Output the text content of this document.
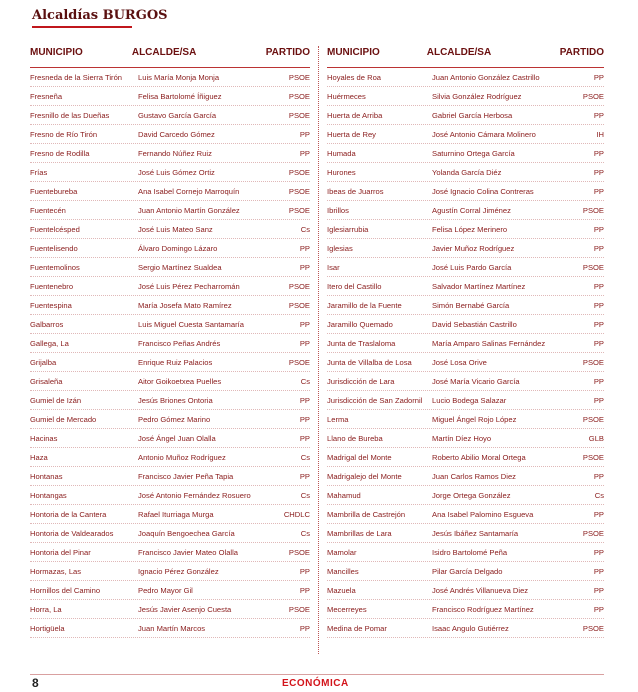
Alcaldías BURGOS
MUNICIPIO	ALCALDE/SA	PARTIDO
Fresneda de la Sierra Tirón	Luis María Monja Monja	PSOE
Fresneña	Felisa Bartolomé Íñiguez	PSOE
Fresnillo de las Dueñas	Gustavo García García	PSOE
Fresno de Río Tirón	David Carcedo Gómez	PP
Fresno de Rodilla	Fernando Núñez Ruiz	PP
Frías	José Luis Gómez Ortiz	PSOE
Fuentebureba	Ana Isabel Cornejo Marroquín	PSOE
Fuentecén	Juan Antonio Martín González	PSOE
Fuentelcésped	José Luis Mateo Sanz	Cs
Fuentelisendo	Álvaro Domingo Lázaro	PP
Fuentemolinos	Sergio Martínez Sualdea	PP
Fuentenebro	José Luis Pérez Pecharromán	PSOE
Fuentespina	María Josefa Mato Ramírez	PSOE
Galbarros	Luis Miguel Cuesta Santamaría	PP
Gallega, La	Francisco Peñas Andrés	PP
Grijalba	Enrique Ruiz Palacios	PSOE
Grisaleña	Aitor Goikoetxea Puelles	Cs
Gumiel de Izán	Jesús Briones Ontoria	PP
Gumiel de Mercado	Pedro Gómez Marino	PP
Hacinas	José Ángel Juan Olalla	PP
Haza	Antonio Muñoz Rodríguez	Cs
Hontanas	Francisco Javier Peña Tapia	PP
Hontangas	José Antonio Fernández Rosuero	Cs
Hontoria de la Cantera	Rafael Iturriaga Murga	CHDLC
Hontoria de Valdearados	Joaquín Bengoechea García	Cs
Hontoria del Pinar	Francisco Javier Mateo Olalla	PSOE
Hormazas, Las	Ignacio Pérez González	PP
Hornillos del Camino	Pedro Mayor Gil	PP
Horra, La	Jesús Javier Asenjo Cuesta	PSOE
Hortigüela	Juan Martín Marcos	PP
MUNICIPIO	ALCALDE/SA	PARTIDO
Hoyales de Roa	Juan Antonio González Castrillo	PP
Huérmeces	Silvia González Rodríguez	PSOE
Huerta de Arriba	Gabriel García Herbosa	PP
Huerta de Rey	José Antonio Cámara Molinero	IH
Humada	Saturnino Ortega García	PP
Hurones	Yolanda García Diéz	PP
Ibeas de Juarros	José Ignacio Colina Contreras	PP
Ibrillos	Agustín Corral Jiménez	PSOE
Iglesiarrubia	Felisa López Merinero	PP
Iglesias	Javier Muñoz Rodríguez	PP
Isar	José Luis Pardo García	PSOE
Itero del Castillo	Salvador Martínez Martínez	PP
Jaramillo de la Fuente	Simón Bernabé García	PP
Jaramillo Quemado	David Sebastián Castrillo	PP
Junta de Traslaloma	María Amparo Salinas Fernández	PP
Junta de Villalba de Losa	José Losa Orive	PSOE
Jurisdicción de Lara	José María Vicario García	PP
Jurisdicción de San Zadornil	Lucio Bodega Salazar	PP
Lerma	Miguel Ángel Rojo López	PSOE
Llano de Bureba	Martín Díez Hoyo	GLB
Madrigal del Monte	Roberto Abilio Moral Ortega	PSOE
Madrigalejo del Monte	Juan Carlos Ramos Diez	PP
Mahamud	Jorge Ortega González	Cs
Mambrilla de Castrejón	Ana Isabel Palomino Esgueva	PP
Mambrillas de Lara	Jesús Ibáñez Santamaría	PSOE
Mamolar	Isidro Bartolomé Peña	PP
Mancilles	Pilar García Delgado	PP
Mazuela	José Andrés Villanueva Diez	PP
Mecerreyes	Francisco Rodríguez Martínez	PP
Medina de Pomar	Isaac Angulo Gutiérrez	PSOE
8	ECONÓMICA
